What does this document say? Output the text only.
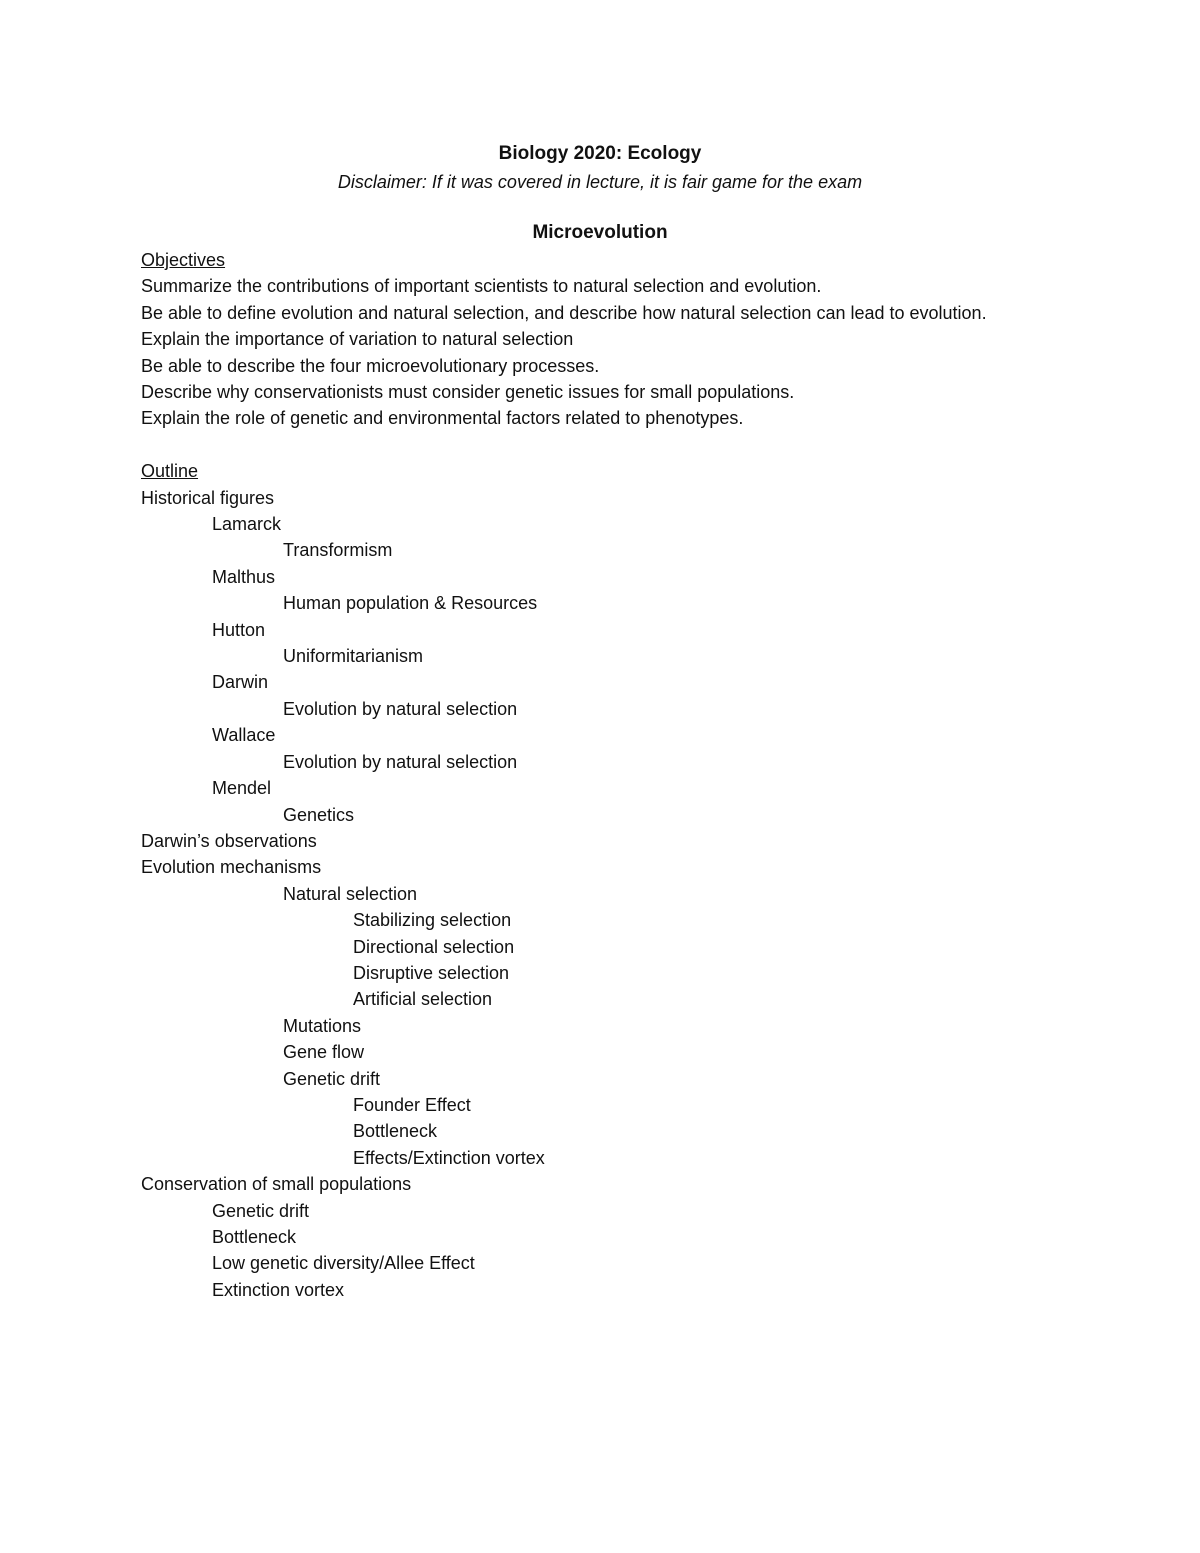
Biology 2020: Ecology
Disclaimer: If it was covered in lecture, it is fair game for the exam
Microevolution
Objectives
Summarize the contributions of important scientists to natural selection and evolution.
Be able to define evolution and natural selection, and describe how natural selection can lead to evolution.
Explain the importance of variation to natural selection
Be able to describe the four microevolutionary processes.
Describe why conservationists must consider genetic issues for small populations.
Explain the role of genetic and environmental factors related to phenotypes.
Outline
Historical figures
Lamarck
Transformism
Malthus
Human population & Resources
Hutton
Uniformitarianism
Darwin
Evolution by natural selection
Wallace
Evolution by natural selection
Mendel
Genetics
Darwin’s observations
Evolution mechanisms
Natural selection
Stabilizing selection
Directional selection
Disruptive selection
Artificial selection
Mutations
Gene flow
Genetic drift
Founder Effect
Bottleneck
Effects/Extinction vortex
Conservation of small populations
Genetic drift
Bottleneck
Low genetic diversity/Allee Effect
Extinction vortex
